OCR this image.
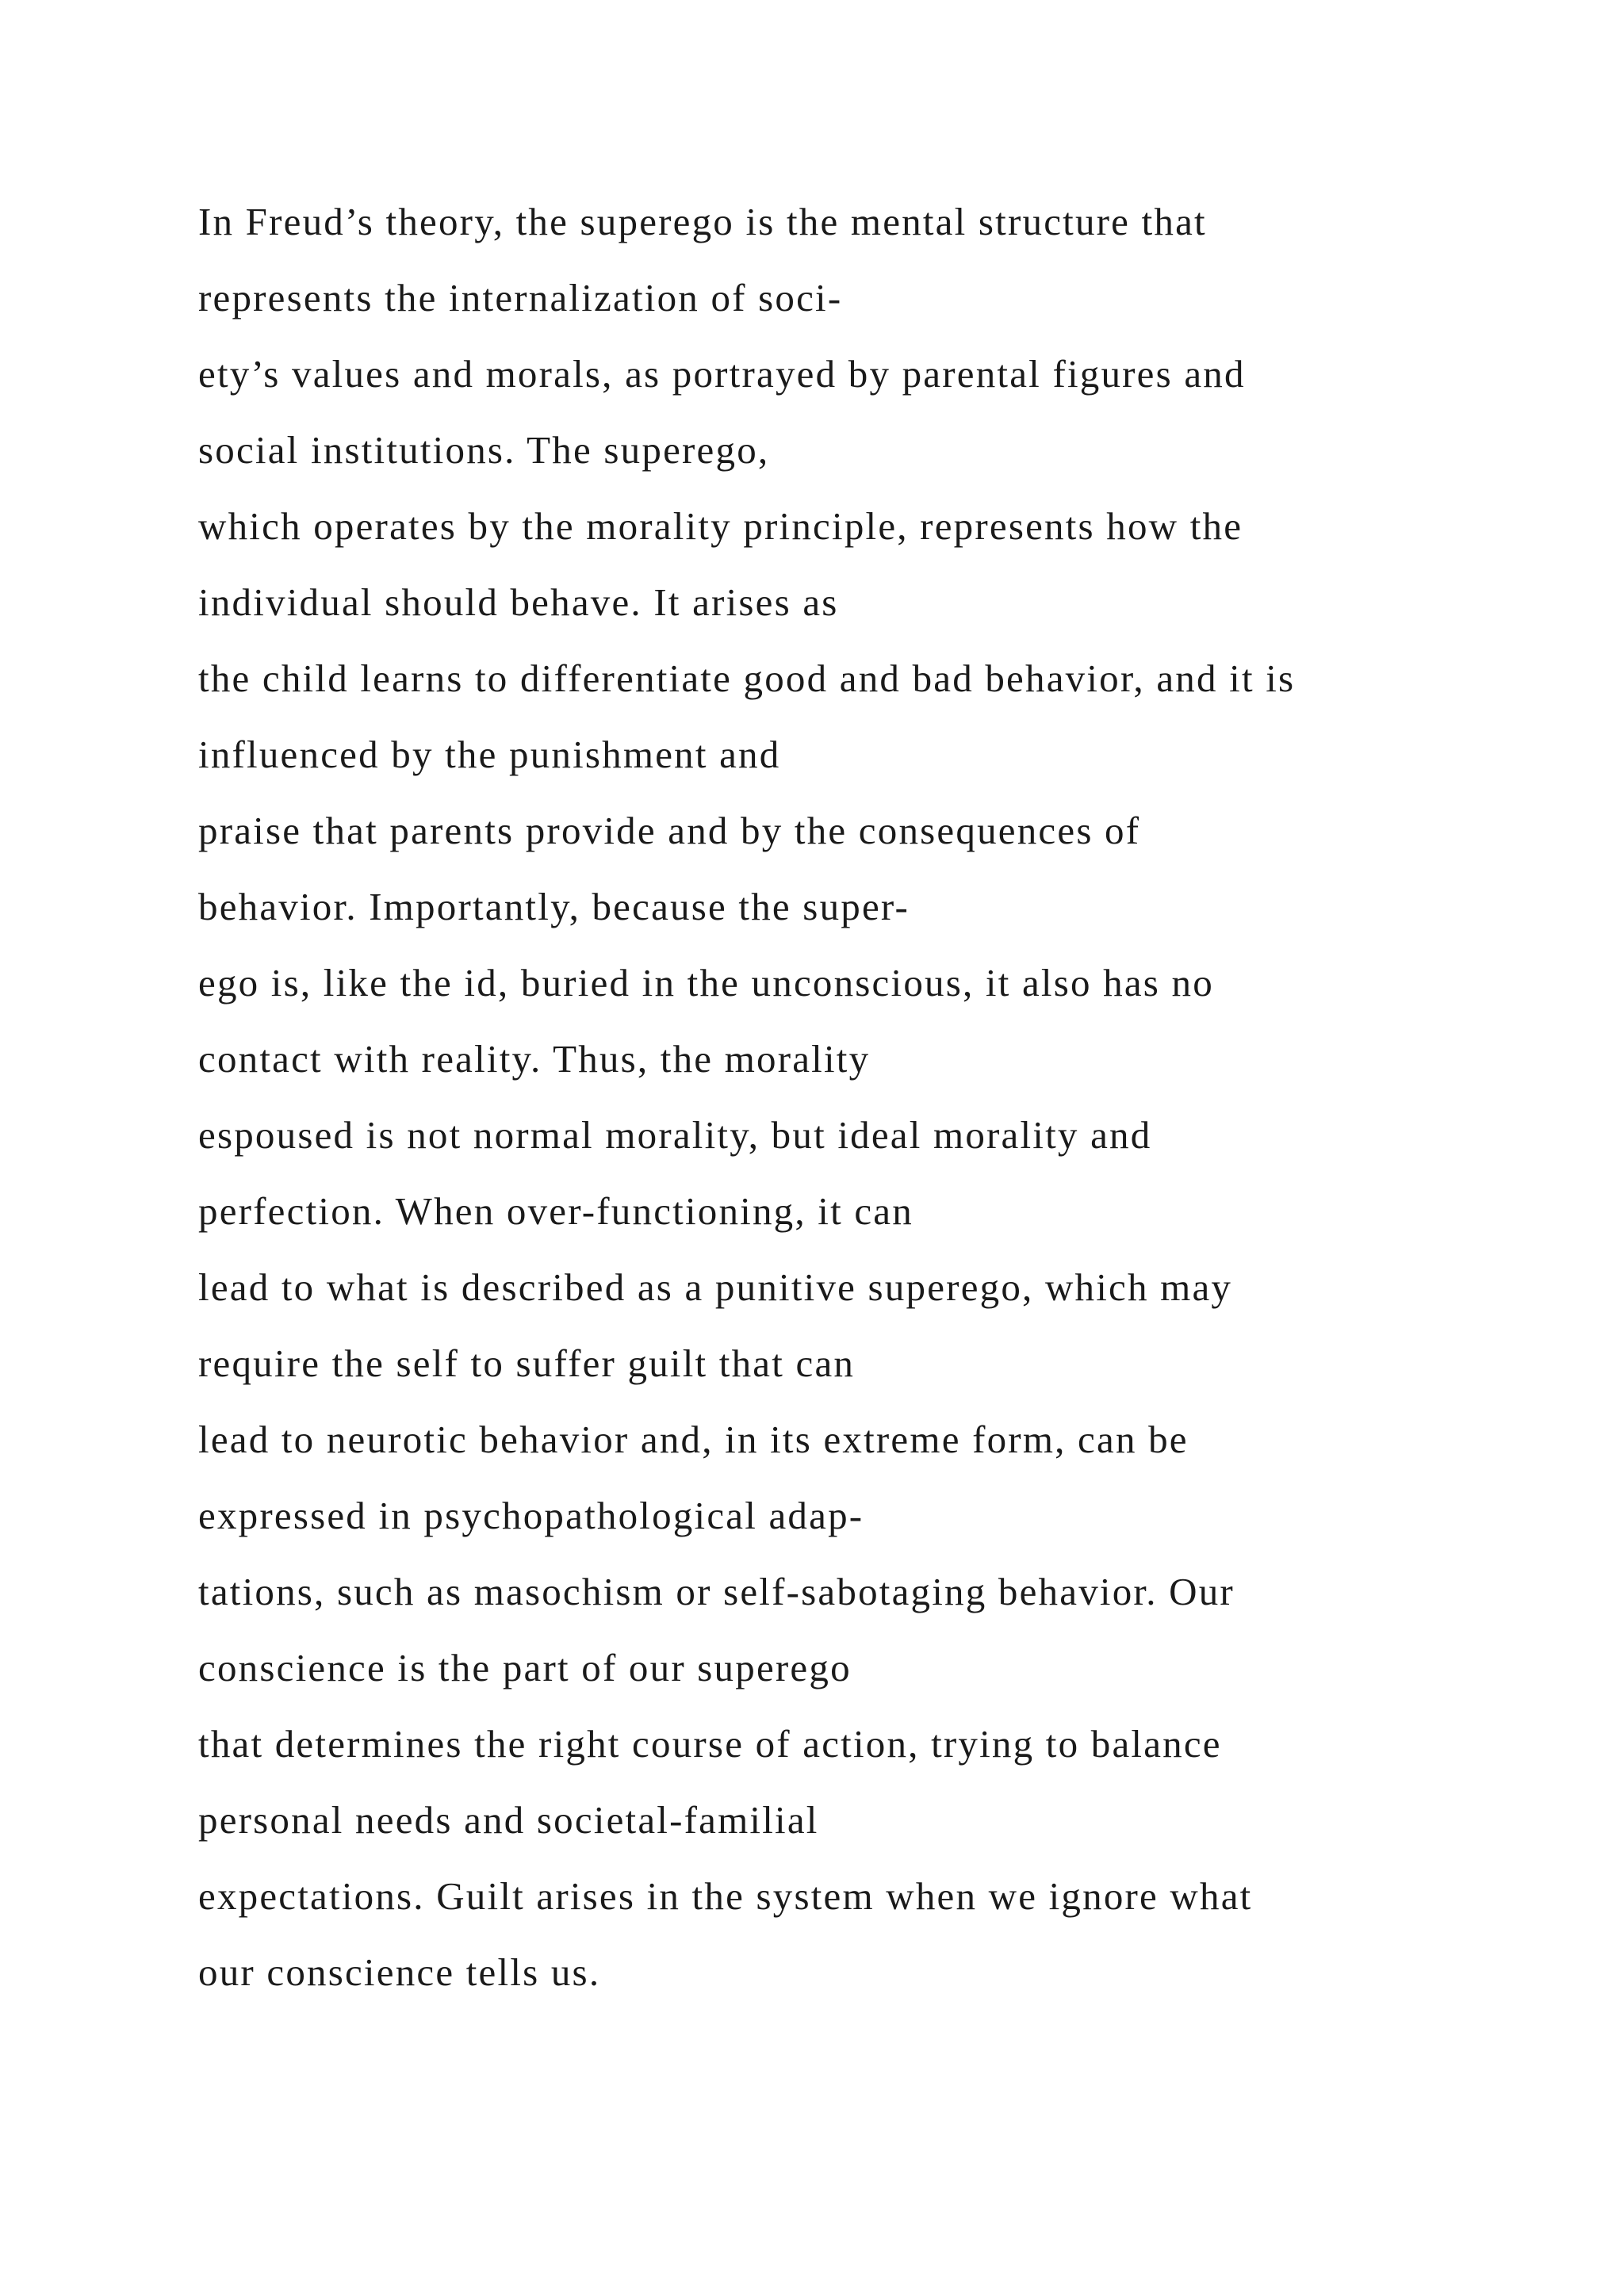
In Freud’s theory, the superego is the mental structure that
represents the internalization of soci-
ety’s values and morals, as portrayed by parental figures and
social institutions. The superego,
which operates by the morality principle, represents how the
individual should behave. It arises as
the child learns to differentiate good and bad behavior, and it is
influenced by the punishment and
praise that parents provide and by the consequences of
behavior. Importantly, because the super-
ego is, like the id, buried in the unconscious, it also has no
contact with reality. Thus, the morality
espoused is not normal morality, but ideal morality and
perfection. When over-functioning, it can
lead to what is described as a punitive superego, which may
require the self to suffer guilt that can
lead to neurotic behavior and, in its extreme form, can be
expressed in psychopathological adap-
tations, such as masochism or self-sabotaging behavior. Our
conscience is the part of our superego
that determines the right course of action, trying to balance
personal needs and societal-familial
expectations. Guilt arises in the system when we ignore what
our conscience tells us.
